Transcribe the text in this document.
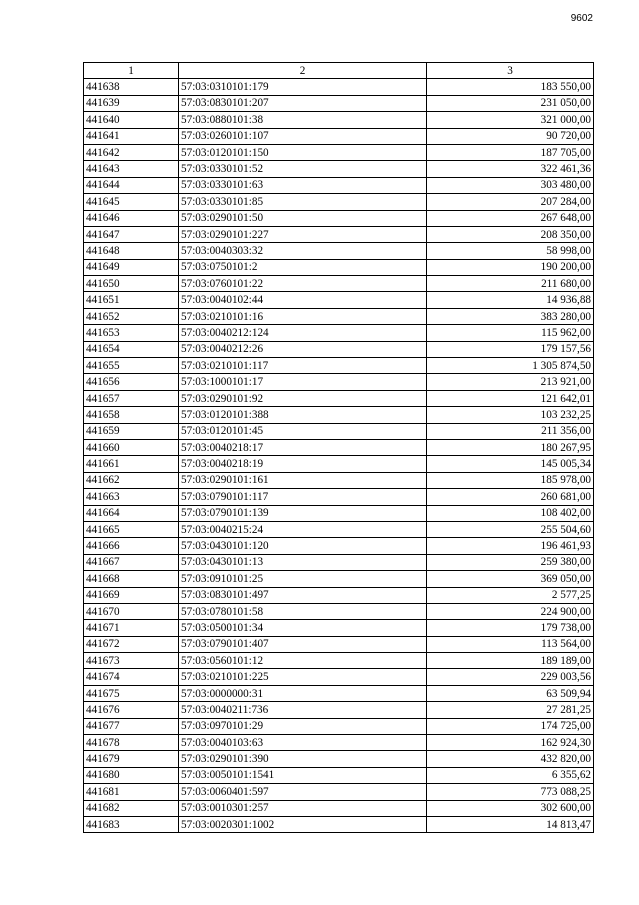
9602
1	2	3
441638	57:03:0310101:179	183 550,00
441639	57:03:0830101:207	231 050,00
441640	57:03:0880101:38	321 000,00
441641	57:03:0260101:107	90 720,00
441642	57:03:0120101:150	187 705,00
441643	57:03:0330101:52	322 461,36
441644	57:03:0330101:63	303 480,00
441645	57:03:0330101:85	207 284,00
441646	57:03:0290101:50	267 648,00
441647	57:03:0290101:227	208 350,00
441648	57:03:0040303:32	58 998,00
441649	57:03:0750101:2	190 200,00
441650	57:03:0760101:22	211 680,00
441651	57:03:0040102:44	14 936,88
441652	57:03:0210101:16	383 280,00
441653	57:03:0040212:124	115 962,00
441654	57:03:0040212:26	179 157,56
441655	57:03:0210101:117	1 305 874,50
441656	57:03:1000101:17	213 921,00
441657	57:03:0290101:92	121 642,01
441658	57:03:0120101:388	103 232,25
441659	57:03:0120101:45	211 356,00
441660	57:03:0040218:17	180 267,95
441661	57:03:0040218:19	145 005,34
441662	57:03:0290101:161	185 978,00
441663	57:03:0790101:117	260 681,00
441664	57:03:0790101:139	108 402,00
441665	57:03:0040215:24	255 504,60
441666	57:03:0430101:120	196 461,93
441667	57:03:0430101:13	259 380,00
441668	57:03:0910101:25	369 050,00
441669	57:03:0830101:497	2 577,25
441670	57:03:0780101:58	224 900,00
441671	57:03:0500101:34	179 738,00
441672	57:03:0790101:407	113 564,00
441673	57:03:0560101:12	189 189,00
441674	57:03:0210101:225	229 003,56
441675	57:03:0000000:31	63 509,94
441676	57:03:0040211:736	27 281,25
441677	57:03:0970101:29	174 725,00
441678	57:03:0040103:63	162 924,30
441679	57:03:0290101:390	432 820,00
441680	57:03:0050101:1541	6 355,62
441681	57:03:0060401:597	773 088,25
441682	57:03:0010301:257	302 600,00
441683	57:03:0020301:1002	14 813,47
